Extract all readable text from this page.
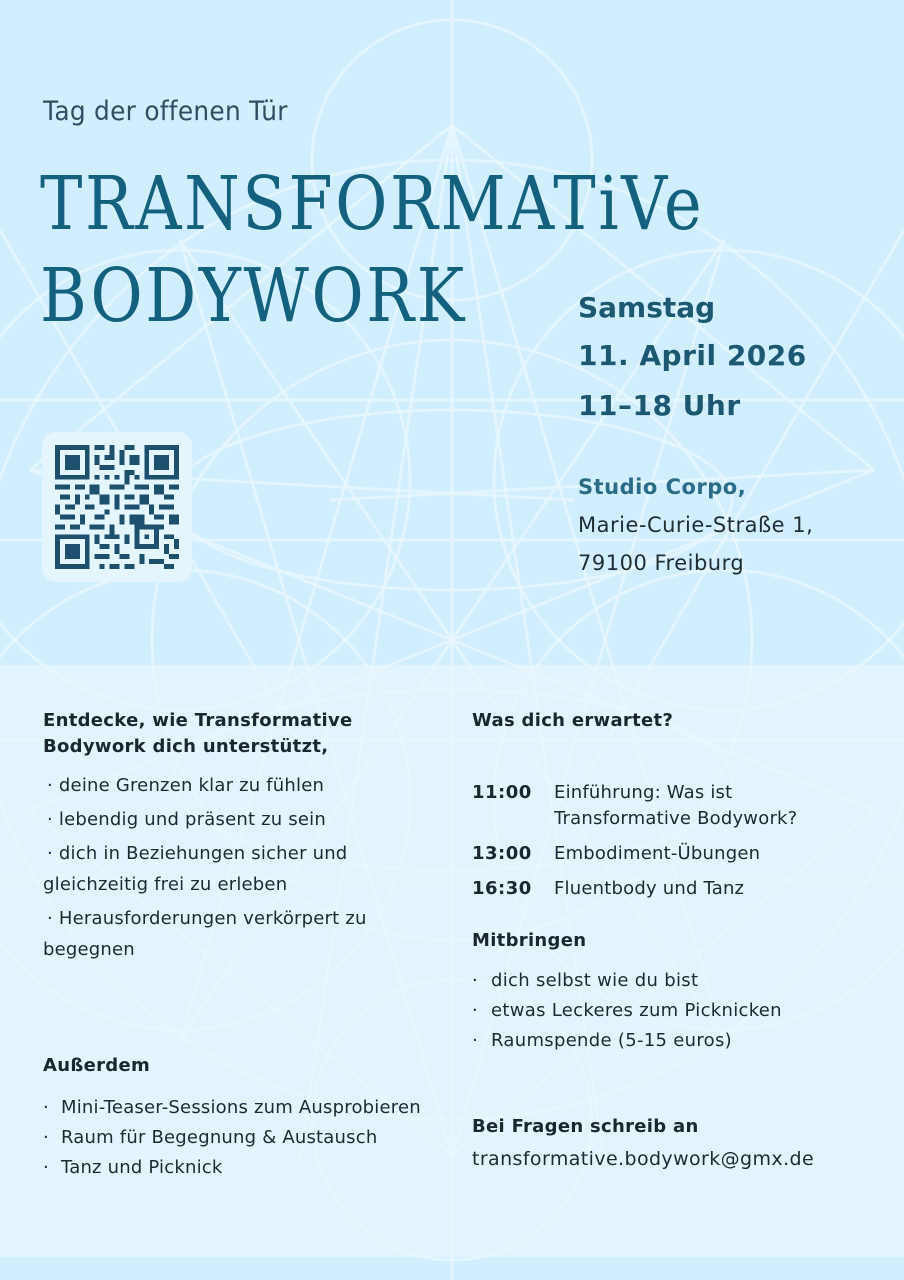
Tag der offenen Tür
TRANSFORMATiVe
BODYWORK	Samstag
11. April 2026
11–18 Uhr
Studio Corpo,
Marie-Curie-Straße 1,
79100 Freiburg
Entdecke, wie Transformative Bodywork dich unterstützt,
· deine Grenzen klar zu fühlen
· lebendig und präsent zu sein
· dich in Beziehungen sicher und gleichzeitig frei zu erleben
· Herausforderungen verkörpert zu begegnen
Außerdem
· Mini-Teaser-Sessions zum Ausprobieren
· Raum für Begegnung & Austausch
· Tanz und Picknick
Was dich erwartet?
11:00	Einführung: Was ist Transformative Bodywork?
13:00	Embodiment-Übungen
16:30	Fluentbody und Tanz
Mitbringen
· dich selbst wie du bist
· etwas Leckeres zum Picknicken
· Raumspende (5-15 euros)
Bei Fragen schreib an
transformative.bodywork@gmx.de
